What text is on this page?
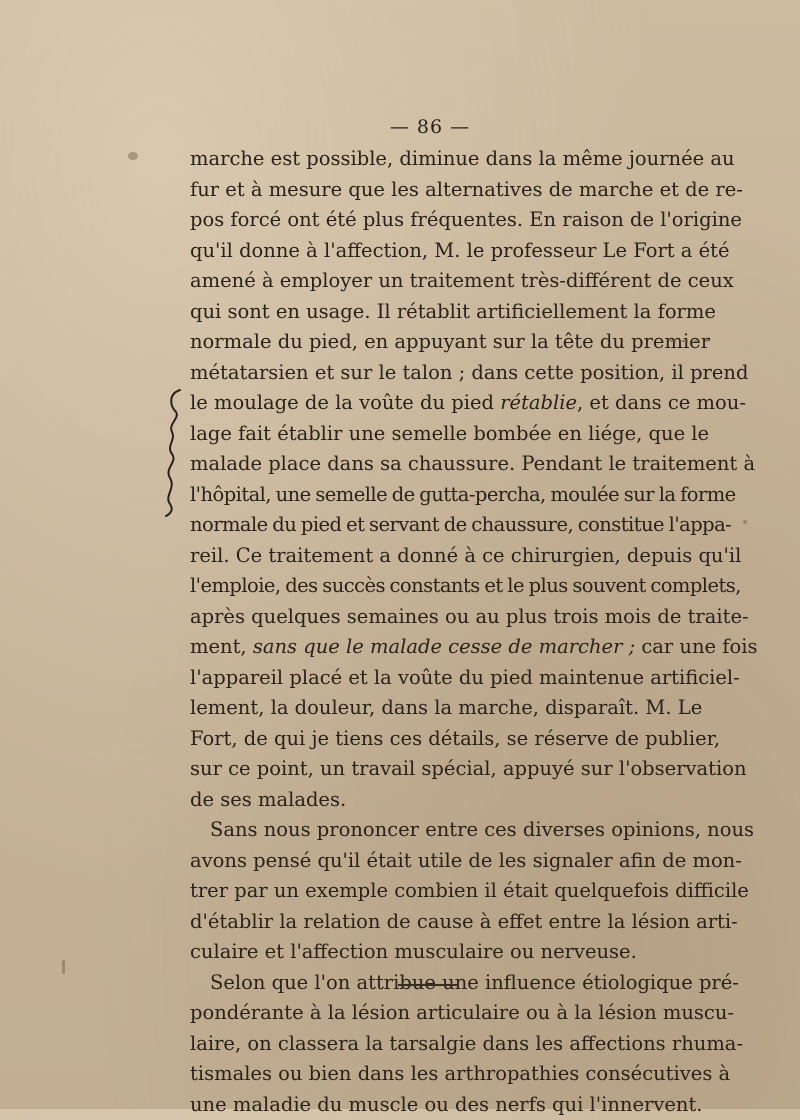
— 86 —
marche est possible, diminue dans la même journée au
fur et à mesure que les alternatives de marche et de re-
pos forcé ont été plus fréquentes. En raison de l'origine
qu'il donne à l'affection, M. le professeur Le Fort a été
amené à employer un traitement très-différent de ceux
qui sont en usage. Il rétablit artificiellement la forme
normale du pied, en appuyant sur la tête du premier
métatarsien et sur le talon ; dans cette position, il prend
le moulage de la voûte du pied rétablie, et dans ce mou-
lage fait établir une semelle bombée en liége, que le
malade place dans sa chaussure. Pendant le traitement à
l'hôpital, une semelle de gutta-percha, moulée sur la forme
normale du pied et servant de chaussure, constitue l'appa-
reil. Ce traitement a donné à ce chirurgien, depuis qu'il
l'emploie, des succès constants et le plus souvent complets,
après quelques semaines ou au plus trois mois de traite-
ment, sans que le malade cesse de marcher ; car une fois
l'appareil placé et la voûte du pied maintenue artificiel-
lement, la douleur, dans la marche, disparaît. M. Le
Fort, de qui je tiens ces détails, se réserve de publier,
sur ce point, un travail spécial, appuyé sur l'observation
de ses malades.
Sans nous prononcer entre ces diverses opinions, nous
avons pensé qu'il était utile de les signaler afin de mon-
trer par un exemple combien il était quelquefois difficile
d'établir la relation de cause à effet entre la lésion arti-
culaire et l'affection musculaire ou nerveuse.
Selon que l'on attribue une influence étiologique pré-
pondérante à la lésion articulaire ou à la lésion muscu-
laire, on classera la tarsalgie dans les affections rhuma-
tismales ou bien dans les arthropathies consécutives à
une maladie du muscle ou des nerfs qui l'innervent.
